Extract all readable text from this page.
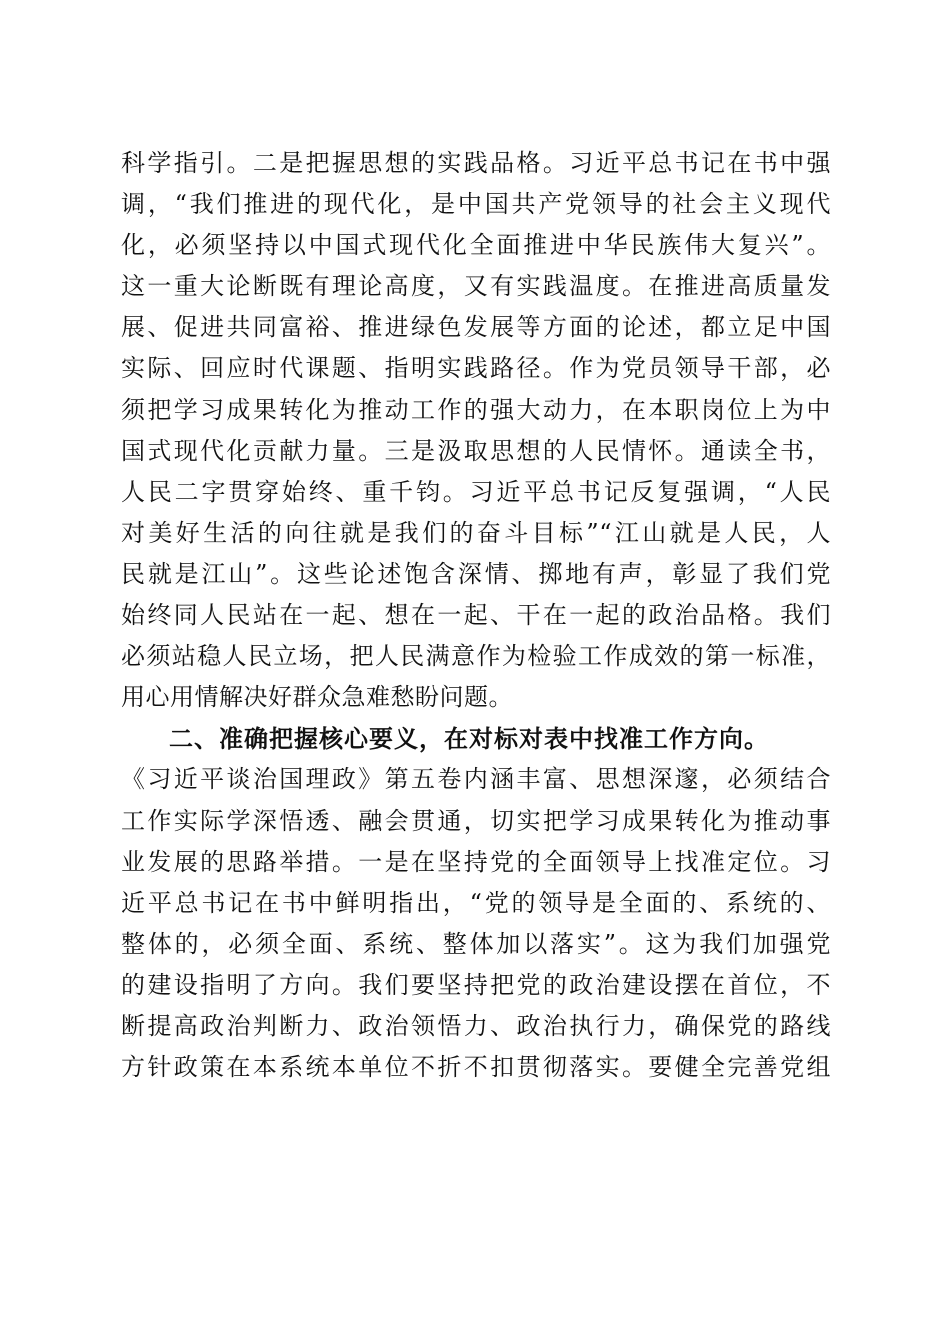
科学指引。二是把握思想的实践品格。习近平总书记在书中强
调，“我们推进的现代化，是中国共产党领导的社会主义现代
化，必须坚持以中国式现代化全面推进中华民族伟大复兴”。
这一重大论断既有理论高度，又有实践温度。在推进高质量发
展、促进共同富裕、推进绿色发展等方面的论述，都立足中国
实际、回应时代课题、指明实践路径。作为党员领导干部，必
须把学习成果转化为推动工作的强大动力，在本职岗位上为中
国式现代化贡献力量。三是汲取思想的人民情怀。通读全书，
人民二字贯穿始终、重千钧。习近平总书记反复强调，“人民
对美好生活的向往就是我们的奋斗目标”“江山就是人民，人
民就是江山”。这些论述饱含深情、掷地有声，彰显了我们党
始终同人民站在一起、想在一起、干在一起的政治品格。我们
必须站稳人民立场，把人民满意作为检验工作成效的第一标准，
用心用情解决好群众急难愁盼问题。
二、准确把握核心要义，在对标对表中找准工作方向。
《习近平谈治国理政》第五卷内涵丰富、思想深邃，必须结合
工作实际学深悟透、融会贯通，切实把学习成果转化为推动事
业发展的思路举措。一是在坚持党的全面领导上找准定位。习
近平总书记在书中鲜明指出，“党的领导是全面的、系统的、
整体的，必须全面、系统、整体加以落实”。这为我们加强党
的建设指明了方向。我们要坚持把党的政治建设摆在首位，不
断提高政治判断力、政治领悟力、政治执行力，确保党的路线
方针政策在本系统本单位不折不扣贯彻落实。要健全完善党组
